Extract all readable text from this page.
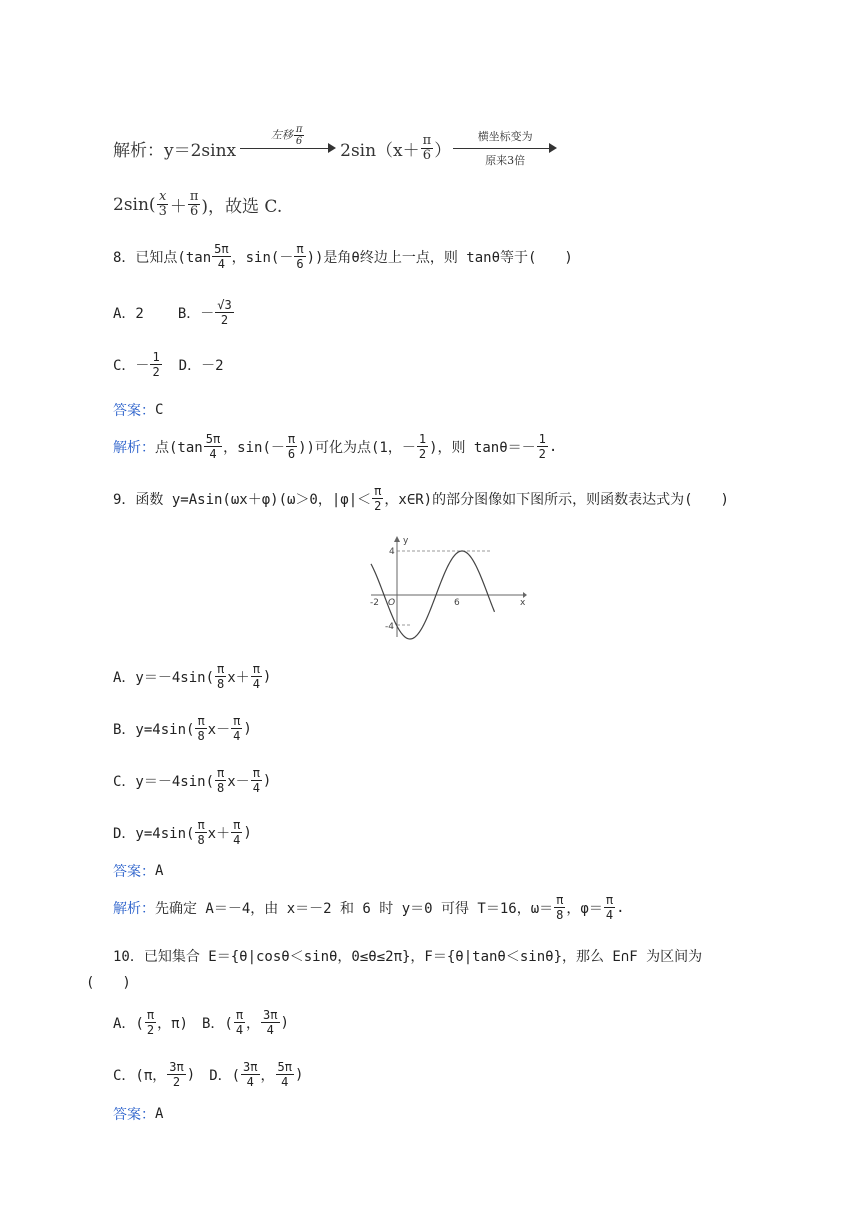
解析：y＝2sinx
左移 $\frac{\pi}{6}$
$2\sin(x+ \frac{\pi}{6}$ ）
横坐标变为
原来3倍
$2\sin( \frac{x}{3} + \frac{\pi}{6}$ )，故选 C.
8．已知点($\tan \frac{5\pi}{4}$ ，$\sin(- \frac{\pi}{6}$ ))是角θ终边上一点，则 tanθ等于(　　)
A．2 B．－ $\frac{√3}{2}$
C．－ $\frac{1}{2}$ D．－2
答案： C
解析： 点($\tan \frac{5\pi}{4}$ ，$\sin(- \frac{\pi}{6}$ ))可化为点(1，－ $\frac{1}{2}$ )，则 $\tan\theta=- \frac{1}{2}$ .
9．函数 y=Asin(ωx＋φ)(ω＞0，$|\varphi|< \frac{\pi}{2}$ ，x∈R)的部分图像如下图所示，则函数表达式为(　　)
y
x
4
-4
-2 O	6
A．$y=-4\sin( \frac{\pi}{8} x+ \frac{\pi}{4}$ )
B．$y=4\sin( \frac{\pi}{8} x- \frac{\pi}{4}$ )
C．$y=-4\sin( \frac{\pi}{8} x- \frac{\pi}{4}$ )
D．$y=4\sin( \frac{\pi}{8} x+ \frac{\pi}{4}$ )
答案： A
解析： 先确定 A＝－4，由 x＝－2 和 6 时 y＝0 可得 T＝16，$\omega= \frac{\pi}{8}$ ，$\varphi= \frac{\pi}{4}$ .
10．已知集合 E＝{θ|cosθ＜sinθ，0≤θ≤2π}，F＝{θ|tanθ＜sinθ}，那么 E∩F 为区间为
(　　)
A．( $\frac{\pi}{2}$ ，π) B．( $\frac{\pi}{4}$ ， $\frac{3\pi}{4}$ )
C．(π， $\frac{3\pi}{2}$ ) D．( $\frac{3\pi}{4}$ ， $\frac{5\pi}{4}$ )
答案： A
